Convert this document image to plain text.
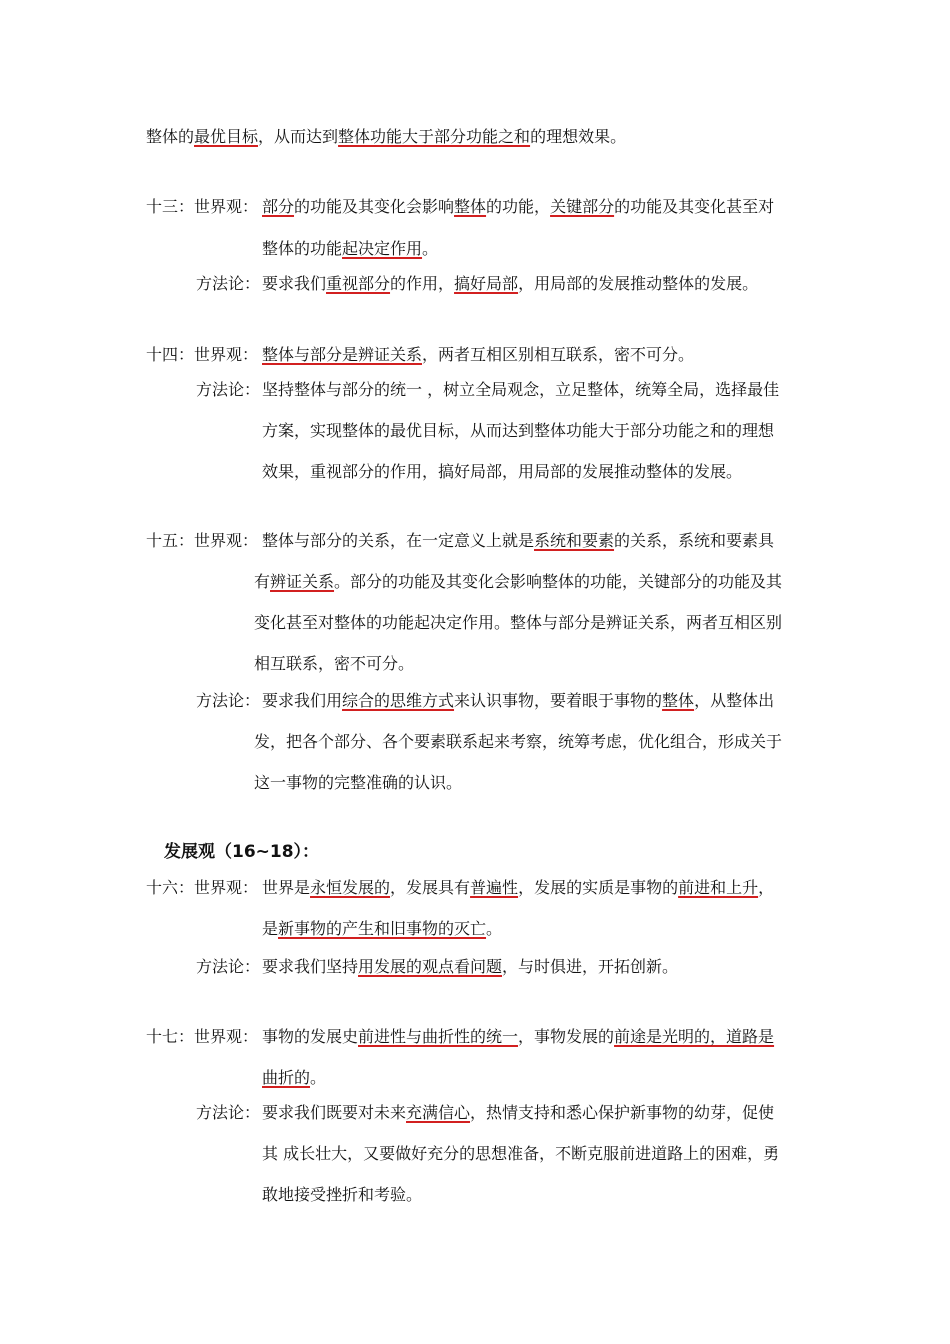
整体的最优目标，从而达到整体功能大于部分功能之和的理想效果。
十三：世界观： 部分的功能及其变化会影响整体的功能，关键部分的功能及其变化甚至对
整体的功能起决定作用。
方法论： 要求我们重视部分的作用，搞好局部，用局部的发展推动整体的发展。
十四：世界观： 整体与部分是辨证关系，两者互相区别相互联系，密不可分。
方法论： 坚持整体与部分的统一 ，树立全局观念，立足整体，统筹全局，选择最佳
方案，实现整体的最优目标，从而达到整体功能大于部分功能之和的理想
效果，重视部分的作用，搞好局部，用局部的发展推动整体的发展。
十五：世界观： 整体与部分的关系，在一定意义上就是系统和要素的关系，系统和要素具
有辨证关系。部分的功能及其变化会影响整体的功能，关键部分的功能及其
变化甚至对整体的功能起决定作用。整体与部分是辨证关系，两者互相区别
相互联系，密不可分。
方法论： 要求我们用综合的思维方式来认识事物，要着眼于事物的整体，从整体出
发，把各个部分、各个要素联系起来考察，统筹考虑，优化组合，形成关于
这一事物的完整准确的认识。
发展观（16~18）：
十六：世界观： 世界是永恒发展的，发展具有普遍性，发展的实质是事物的前进和上升，
是新事物的产生和旧事物的灭亡。
方法论： 要求我们坚持用发展的观点看问题，与时俱进，开拓创新。
十七：世界观： 事物的发展史前进性与曲折性的统一，事物发展的前途是光明的，道路是
曲折的。
方法论： 要求我们既要对未来充满信心，热情支持和悉心保护新事物的幼芽，促使
其 成长壮大，又要做好充分的思想准备，不断克服前进道路上的困难，勇
敢地接受挫折和考验。
